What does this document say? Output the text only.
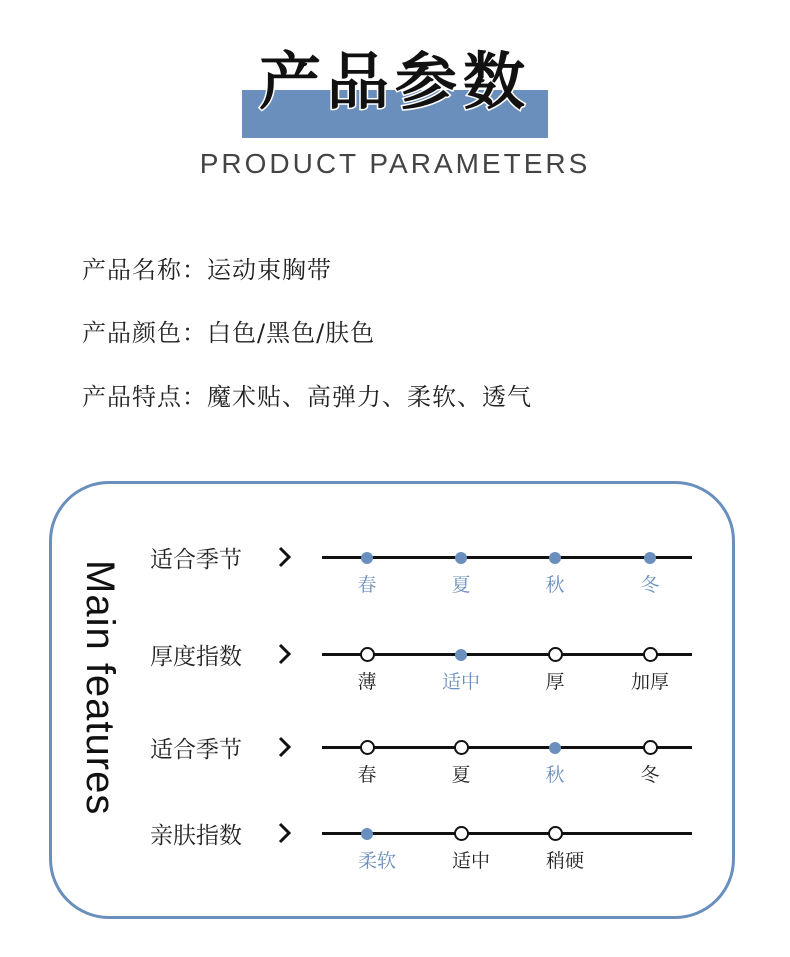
产品参数
PRODUCT PARAMETERS
产品名称：运动束胸带
产品颜色：白色/黑色/肤色
产品特点：魔术贴、高弹力、柔软、透气
Main features 适合季节
春	夏	秋	冬
厚度指数
薄	适中	厚	加厚
适合季节
春	夏	秋	冬
亲肤指数
柔软	适中	稍硬
